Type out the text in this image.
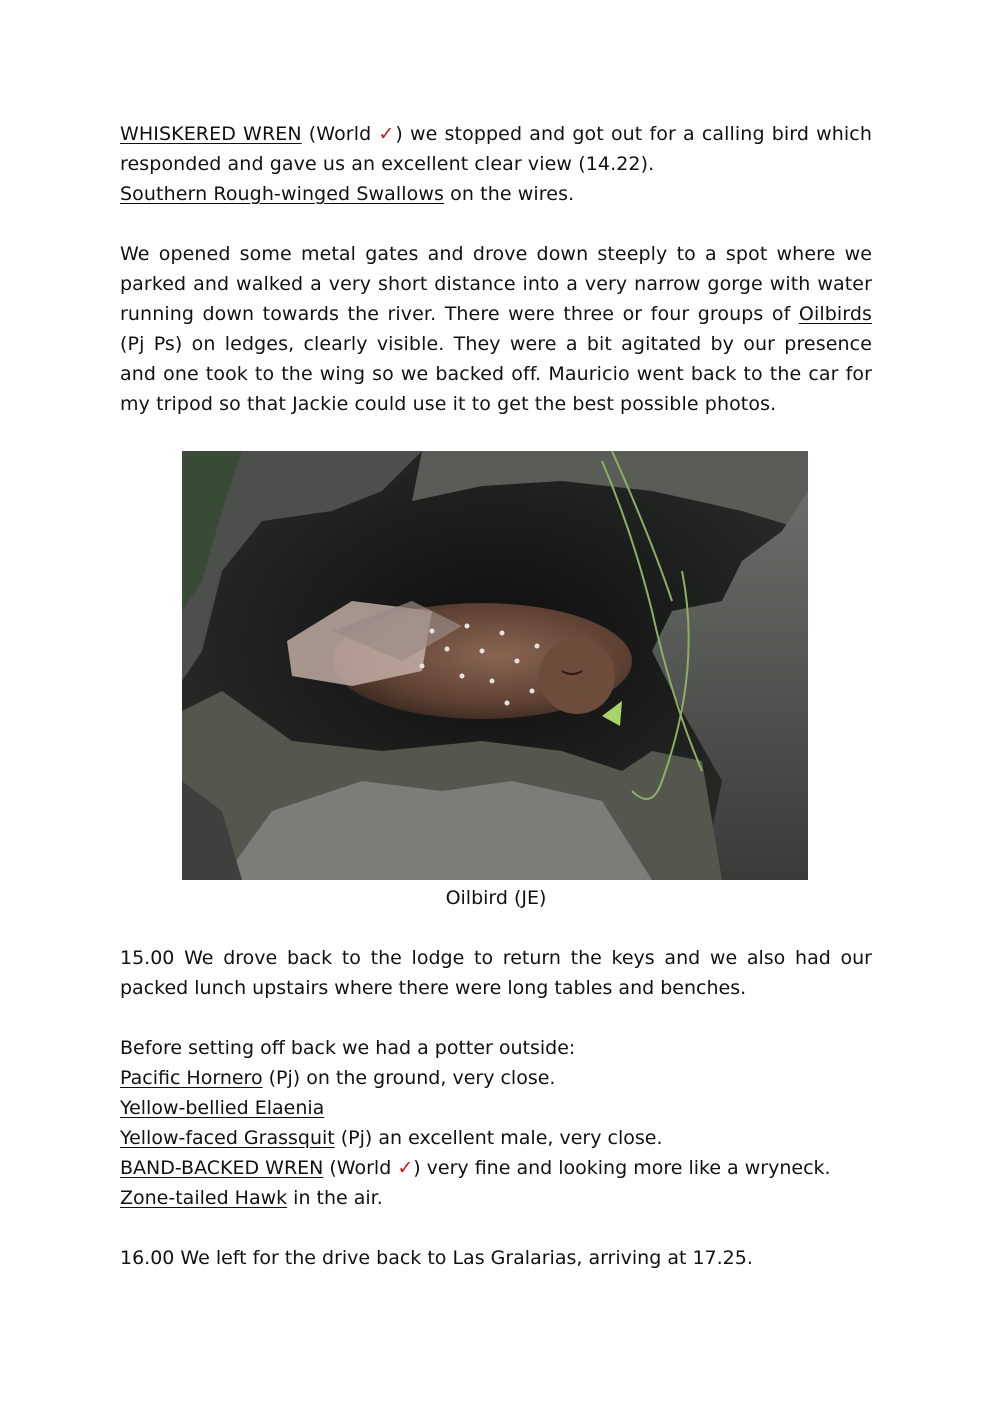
WHISKERED WREN (World ✓) we stopped and got out for a calling bird which responded and gave us an excellent clear view (14.22).

Southern Rough-winged Swallows on the wires.

We opened some metal gates and drove down steeply to a spot where we parked and walked a very short distance into a very narrow gorge with water running down towards the river. There were three or four groups of Oilbirds (Pj Ps) on ledges, clearly visible. They were a bit agitated by our presence and one took to the wing so we backed off. Mauricio went back to the car for my tripod so that Jackie could use it to get the best possible photos.

Oilbird (JE)

15.00 We drove back to the lodge to return the keys and we also had our packed lunch upstairs where there were long tables and benches.

Before setting off back we had a potter outside:

Pacific Hornero (Pj) on the ground, very close.

Yellow-bellied Elaenia

Yellow-faced Grassquit (Pj) an excellent male, very close.

BAND-BACKED WREN (World ✓) very fine and looking more like a wryneck.

Zone-tailed Hawk in the air.

16.00 We left for the drive back to Las Gralarias, arriving at 17.25.
